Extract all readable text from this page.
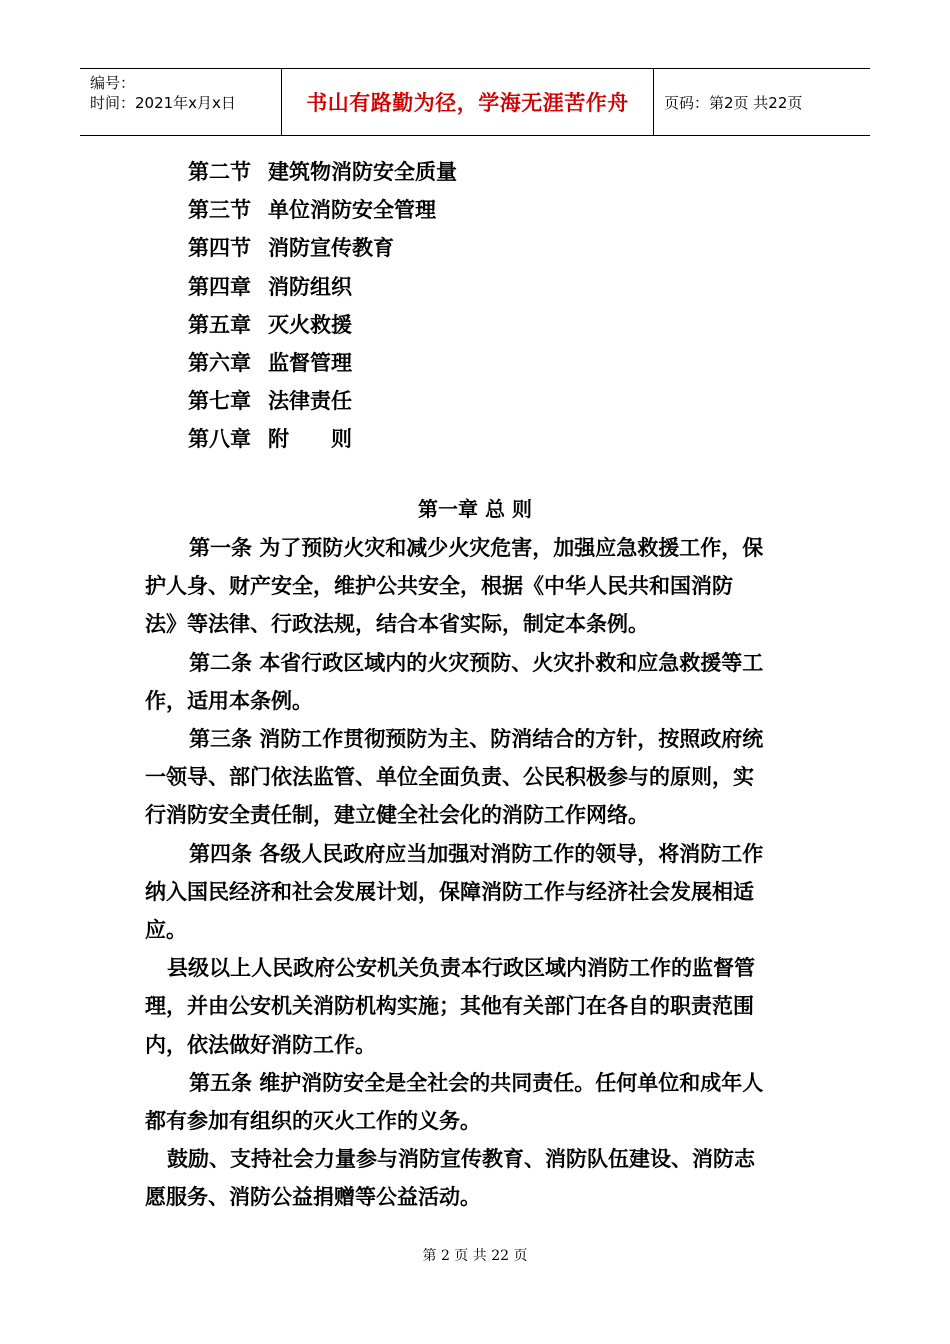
编号：
时间：2021年x月x日	书山有路勤为径，学海无涯苦作舟	页码：第2页 共22页
第二节 建筑物消防安全质量
第三节 单位消防安全管理
第四节 消防宣传教育
第四章 消防组织
第五章 灭火救援
第六章 监督管理
第七章 法律责任
第八章 附　　则
第一章 总 则

第一条 为了预防火灾和减少火灾危害，加强应急救援工作，保

护人身、财产安全，维护公共安全，根据《中华人民共和国消防

法》等法律、行政法规，结合本省实际，制定本条例。

第二条 本省行政区域内的火灾预防、火灾扑救和应急救援等工

作，适用本条例。

第三条 消防工作贯彻预防为主、防消结合的方针，按照政府统

一领导、部门依法监管、单位全面负责、公民积极参与的原则，实

行消防安全责任制，建立健全社会化的消防工作网络。

第四条 各级人民政府应当加强对消防工作的领导，将消防工作

纳入国民经济和社会发展计划，保障消防工作与经济社会发展相适

应。

县级以上人民政府公安机关负责本行政区域内消防工作的监督管

理，并由公安机关消防机构实施；其他有关部门在各自的职责范围

内，依法做好消防工作。

第五条 维护消防安全是全社会的共同责任。任何单位和成年人

都有参加有组织的灭火工作的义务。

鼓励、支持社会力量参与消防宣传教育、消防队伍建设、消防志

愿服务、消防公益捐赠等公益活动。

第 2 页 共 22 页
